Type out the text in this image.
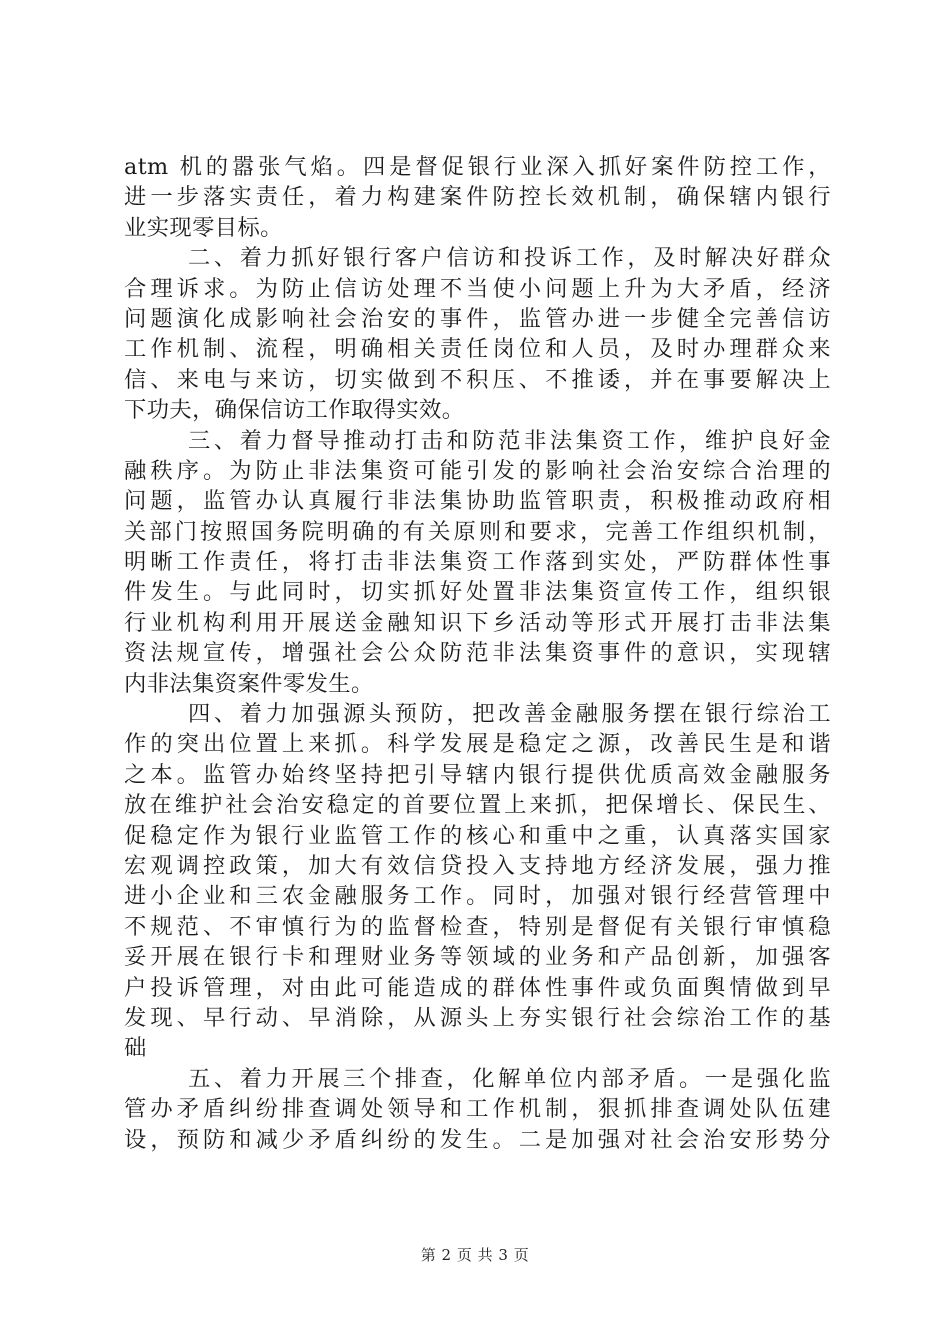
atm 机的嚣张气焰。四是督促银行业深入抓好案件防控工作，
进一步落实责任，着力构建案件防控长效机制，确保辖内银行
业实现零目标。
二、着力抓好银行客户信访和投诉工作，及时解决好群众
合理诉求。为防止信访处理不当使小问题上升为大矛盾，经济
问题演化成影响社会治安的事件，监管办进一步健全完善信访
工作机制、流程，明确相关责任岗位和人员，及时办理群众来
信、来电与来访，切实做到不积压、不推诿，并在事要解决上
下功夫，确保信访工作取得实效。
三、着力督导推动打击和防范非法集资工作，维护良好金
融秩序。为防止非法集资可能引发的影响社会治安综合治理的
问题，监管办认真履行非法集协助监管职责，积极推动政府相
关部门按照国务院明确的有关原则和要求，完善工作组织机制，
明晰工作责任，将打击非法集资工作落到实处，严防群体性事
件发生。与此同时，切实抓好处置非法集资宣传工作，组织银
行业机构利用开展送金融知识下乡活动等形式开展打击非法集
资法规宣传，增强社会公众防范非法集资事件的意识，实现辖
内非法集资案件零发生。
四、着力加强源头预防，把改善金融服务摆在银行综治工
作的突出位置上来抓。科学发展是稳定之源，改善民生是和谐
之本。监管办始终坚持把引导辖内银行提供优质高效金融服务
放在维护社会治安稳定的首要位置上来抓，把保增长、保民生、
促稳定作为银行业监管工作的核心和重中之重，认真落实国家
宏观调控政策，加大有效信贷投入支持地方经济发展，强力推
进小企业和三农金融服务工作。同时，加强对银行经营管理中
不规范、不审慎行为的监督检查，特别是督促有关银行审慎稳
妥开展在银行卡和理财业务等领域的业务和产品创新，加强客
户投诉管理，对由此可能造成的群体性事件或负面舆情做到早
发现、早行动、早消除，从源头上夯实银行社会综治工作的基
础
五、着力开展三个排查，化解单位内部矛盾。一是强化监
管办矛盾纠纷排查调处领导和工作机制，狠抓排查调处队伍建
设，预防和减少矛盾纠纷的发生。二是加强对社会治安形势分
第 2 页 共 3 页
